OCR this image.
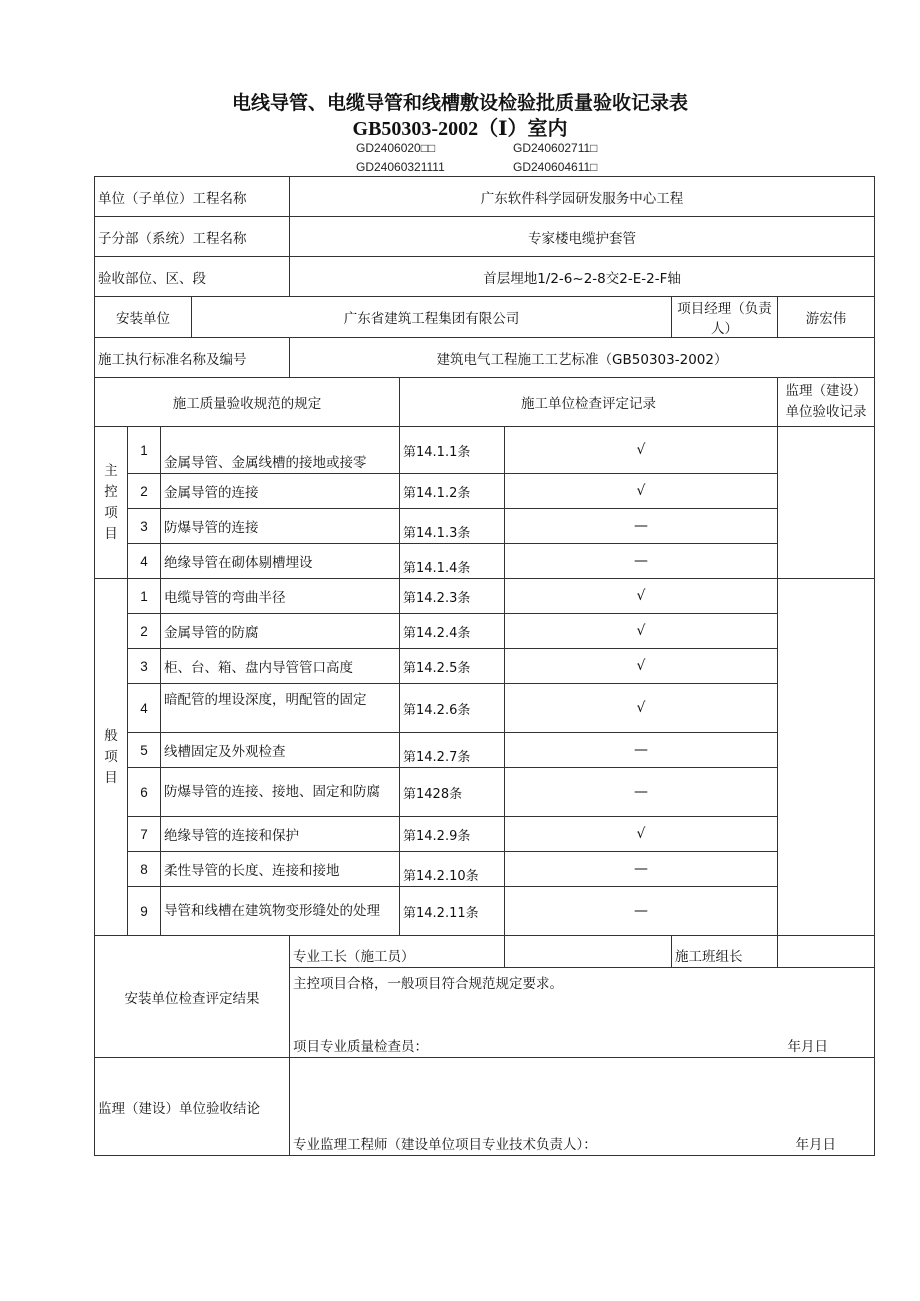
电线导管、电缆导管和线槽敷设检验批质量验收记录表
GB50303-2002（Ⅰ）室内
GD2406020□□	GD240602711□
GD24060321111	GD240604611□
单位（子单位）工程名称				广东软件科学园研发服务中心工程				
子分部（系统）工程名称				专家楼电缆护套管				
验收部位、区、段				首层埋地1/2-6~2-8交2-E-2-F轴				
安装单位			广东省建筑工程集团有限公司				项目经理（负责人）	游宏伟
施工执行标准名称及编号				建筑电气工程施工工艺标准（GB50303-2002）				
施工质量验收规范的规定					施工单位检查评定记录			监理（建设）单位验收记录
主控项目	1	金属导管、金属线槽的接地或接零			第14.1.1条	√		
	2	金属导管的连接			第14.1.2条	√		
	3	防爆导管的连接			第14.1.3条	—		
	4	绝缘导管在砌体剔槽埋设			第14.1.4条	—		
般项目	1	电缆导管的弯曲半径			第14.2.3条	√		
	2	金属导管的防腐			第14.2.4条	√		
	3	柜、台、箱、盘内导管管口高度			第14.2.5条	√		
	4	暗配管的埋设深度，明配管的固定			第14.2.6条	√		
	5	线槽固定及外观检查			第14.2.7条	—		
	6	防爆导管的连接、接地、固定和防腐			第1428条	—		
	7	绝缘导管的连接和保护			第14.2.9条	√		
	8	柔性导管的长度、连接和接地			第14.2.10条	—		
	9	导管和线槽在建筑物变形缝处的处理			第14.2.11条	—		
安装单位检查评定结果				专业工长（施工员）			施工班组长	
				主控项目合格，一般项目符合规范规定要求。				
				项目专业质量检查员：				年月日
监理（建设）单位验收结论				专业监理工程师（建设单位项目专业技术负责人）：				年月日
